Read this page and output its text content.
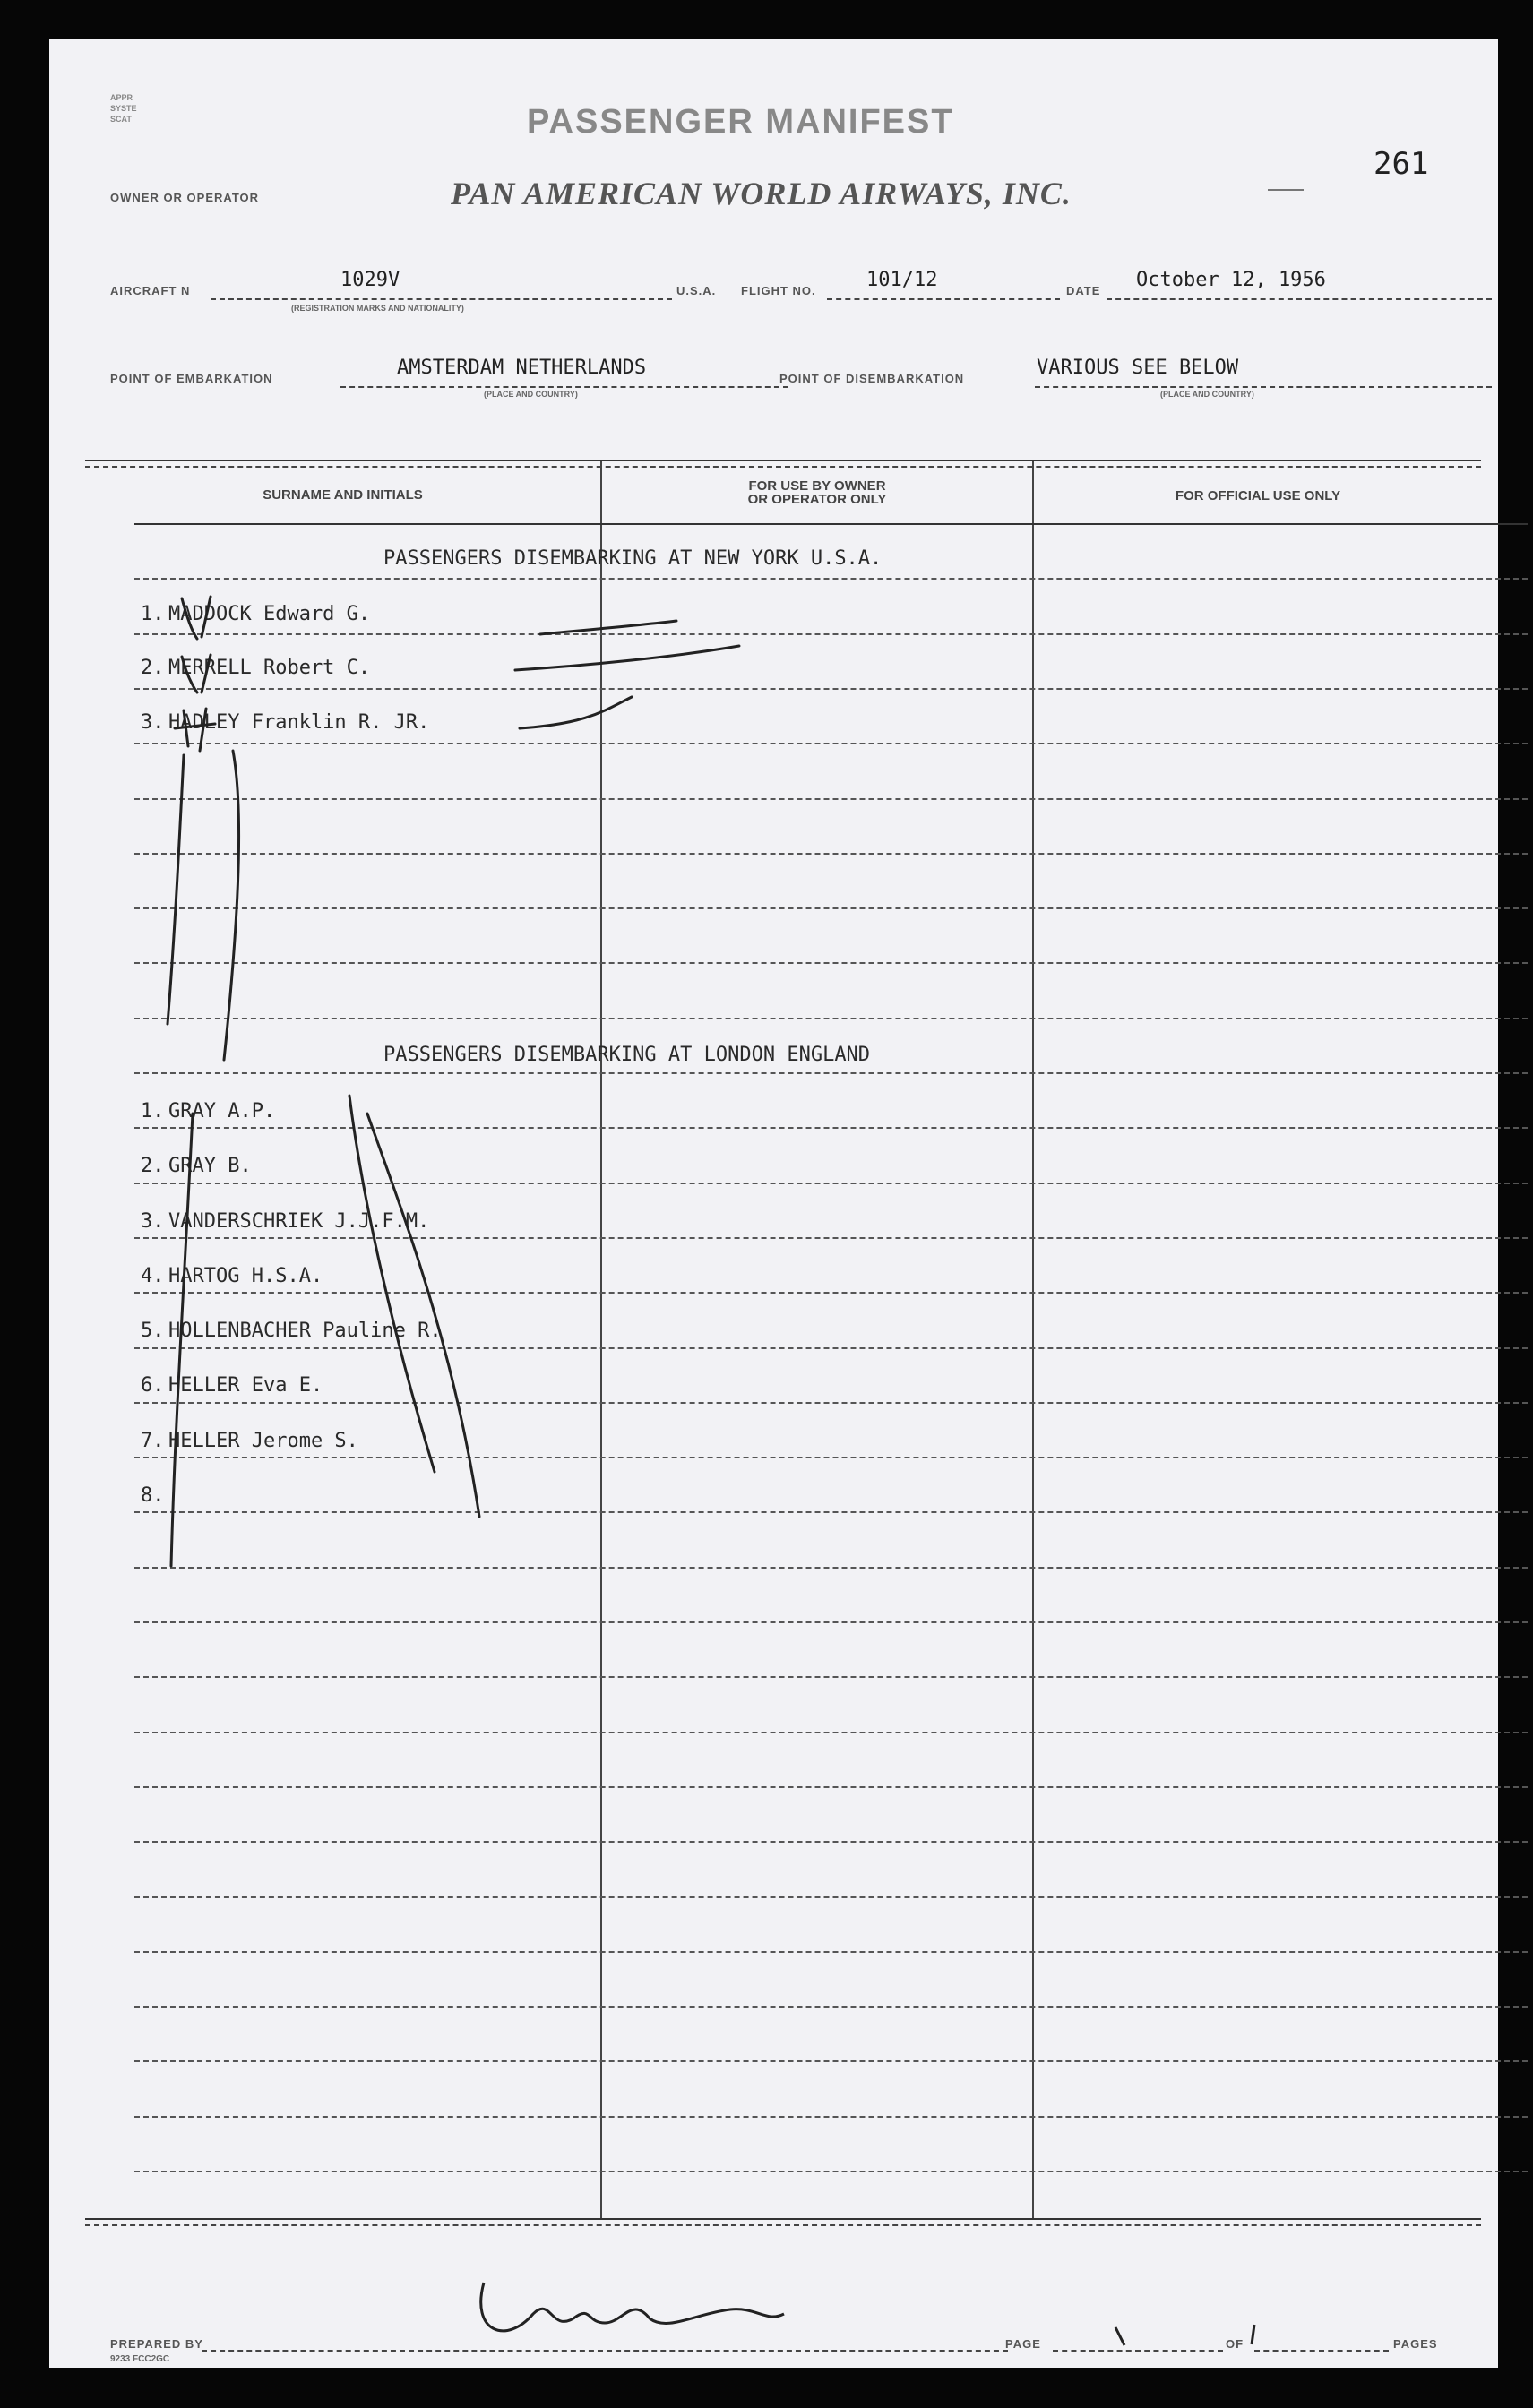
APPR
SYSTE
SCAT	PASSENGER MANIFEST
261
OWNER OR OPERATOR	PAN AMERICAN WORLD AIRWAYS, INC.
AIRCRAFT N	1029V
(REGISTRATION MARKS AND NATIONALITY)
U.S.A. FLIGHT NO.	101/12	DATE October 12, 1956
POINT OF EMBARKATION	AMSTERDAM NETHERLANDS
(PLACE AND COUNTRY)
POINT OF DISEMBARKATION	VARIOUS SEE BELOW
(PLACE AND COUNTRY)
SURNAME AND INITIALS
FOR USE BY OWNER
OR OPERATOR ONLY	FOR OFFICIAL USE ONLY
PASSENGERS DISEMBARKING AT NEW YORK U.S.A.
1. MADDOCK Edward G.
2. MERRELL Robert C.
3. HADLEY Franklin R. JR.
PASSENGERS DISEMBARKING AT LONDON ENGLAND
1. GRAY A.P.
2. GRAY B.
3. VANDERSCHRIEK J.J.F.M.
4. HARTOG H.S.A.
5. HOLLENBACHER Pauline R.
6. HELLER Eva E.
7. HELLER Jerome S.
8.
PREPARED BY
9233 FCC2GC
PAGE	OF	PAGES
